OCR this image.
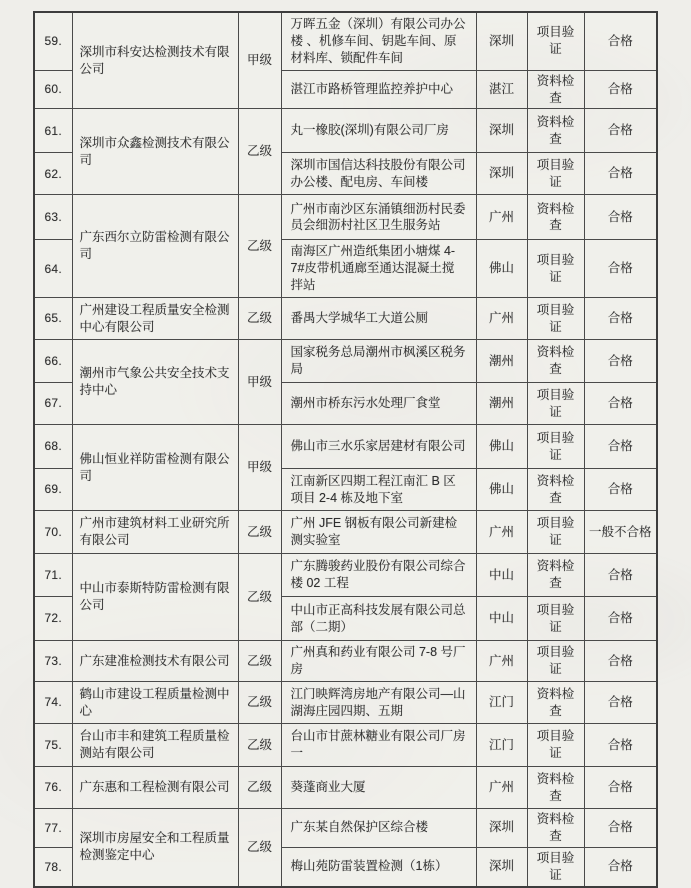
59.	深圳市科安达检测技术有限公司	甲级	万晖五金（深圳）有限公司办公楼 、机修车间、钥匙车间、原材料库、锁配件车间	深圳	项目验证	合格
60.			湛江市路桥管理监控养护中心	湛江	资料检查	合格
61.	深圳市众鑫检测技术有限公司	乙级	丸一橡胶(深圳)有限公司厂房	深圳	资料检查	合格
62.			深圳市国信达科技股份有限公司办公楼、配电房、车间楼	深圳	项目验证	合格
63.	广东西尔立防雷检测有限公司	乙级	广州市南沙区东涌镇细沥村民委员会细沥村社区卫生服务站	广州	资料检查	合格
64.			南海区广州造纸集团小塘煤 4-7#皮带机通廊至通达混凝土搅拌站	佛山	项目验证	合格
65.	广州建设工程质量安全检测中心有限公司	乙级	番禺大学城华工大道公厕	广州	项目验证	合格
66.	潮州市气象公共安全技术支持中心	甲级	国家税务总局潮州市枫溪区税务局	潮州	资料检查	合格
67.			潮州市桥东污水处理厂食堂	潮州	项目验证	合格
68.	佛山恒业祥防雷检测有限公司	甲级	佛山市三水乐家居建材有限公司	佛山	项目验证	合格
69.			江南新区四期工程江南汇 B 区项目 2-4 栋及地下室	佛山	资料检查	合格
70.	广州市建筑材料工业研究所有限公司	乙级	广州 JFE 钢板有限公司新建检测实验室	广州	项目验证	一般不合格
71.	中山市泰斯特防雷检测有限公司	乙级	广东腾骏药业股份有限公司综合楼 02 工程	中山	资料检查	合格
72.			中山市正高科技发展有限公司总部（二期）	中山	项目验证	合格
73.	广东建准检测技术有限公司	乙级	广州真和药业有限公司 7-8 号厂房	广州	项目验证	合格
74.	鹤山市建设工程质量检测中心	乙级	江门映辉湾房地产有限公司—山湖海庄园四期、五期	江门	资料检查	合格
75.	台山市丰和建筑工程质量检测站有限公司	乙级	台山市甘蔗林糖业有限公司厂房一	江门	项目验证	合格
76.	广东惠和工程检测有限公司	乙级	葵蓬商业大厦	广州	资料检查	合格
77.	深圳市房屋安全和工程质量检测鉴定中心	乙级	广东某自然保护区综合楼	深圳	资料检查	合格
78.			梅山苑防雷装置检测（1栋）	深圳	项目验证	合格
